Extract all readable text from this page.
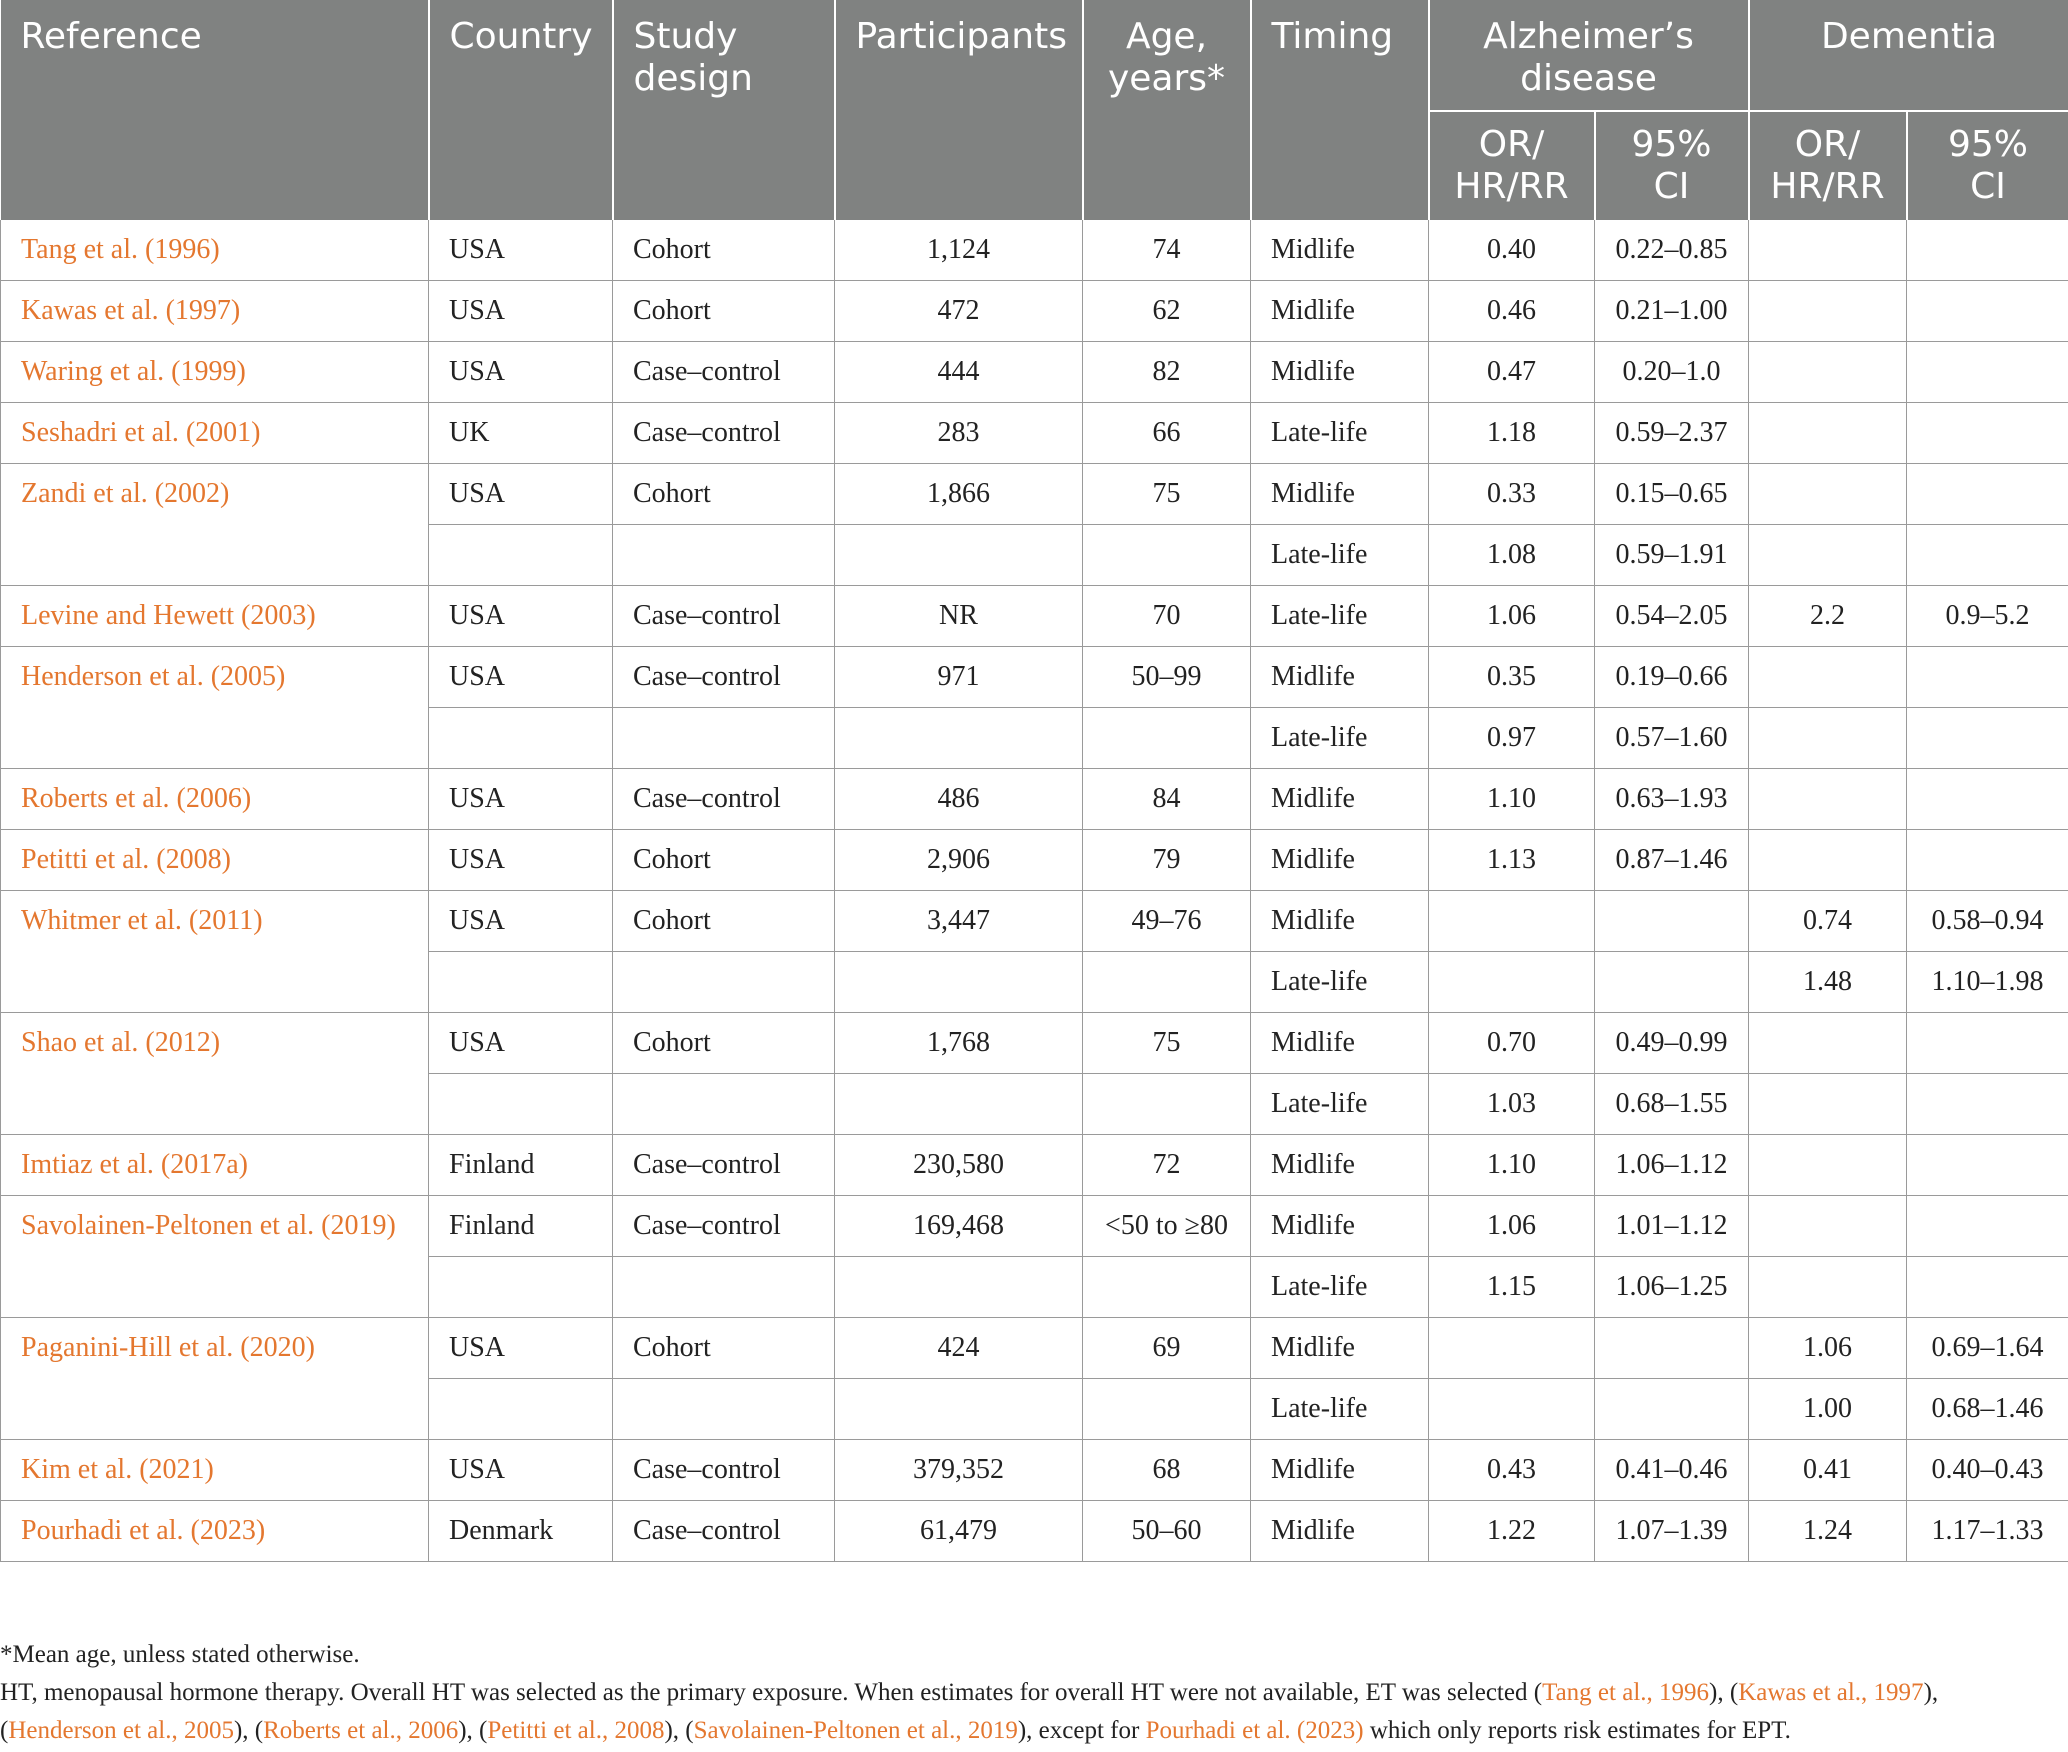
Reference	Country	Study design	Participants	Age, years*	Timing	Alzheimer’s disease		Dementia	
						OR/ HR/RR	95% CI	OR/ HR/RR	95% CI
Tang et al. (1996)	USA	Cohort	1,124	74	Midlife	0.40	0.22–0.85		
Kawas et al. (1997)	USA	Cohort	472	62	Midlife	0.46	0.21–1.00		
Waring et al. (1999)	USA	Case–control	444	82	Midlife	0.47	0.20–1.0		
Seshadri et al. (2001)	UK	Case–control	283	66	Late-life	1.18	0.59–2.37		
Zandi et al. (2002)	USA	Cohort	1,866	75	Midlife	0.33	0.15–0.65		
					Late-life	1.08	0.59–1.91		
Levine and Hewett (2003)	USA	Case–control	NR	70	Late-life	1.06	0.54–2.05	2.2	0.9–5.2
Henderson et al. (2005)	USA	Case–control	971	50–99	Midlife	0.35	0.19–0.66		
					Late-life	0.97	0.57–1.60		
Roberts et al. (2006)	USA	Case–control	486	84	Midlife	1.10	0.63–1.93		
Petitti et al. (2008)	USA	Cohort	2,906	79	Midlife	1.13	0.87–1.46		
Whitmer et al. (2011)	USA	Cohort	3,447	49–76	Midlife			0.74	0.58–0.94
					Late-life			1.48	1.10–1.98
Shao et al. (2012)	USA	Cohort	1,768	75	Midlife	0.70	0.49–0.99		
					Late-life	1.03	0.68–1.55		
Imtiaz et al. (2017a)	Finland	Case–control	230,580	72	Midlife	1.10	1.06–1.12		
Savolainen-Peltonen et al. (2019)	Finland	Case–control	169,468	<50 to ≥80	Midlife	1.06	1.01–1.12		
					Late-life	1.15	1.06–1.25		
Paganini-Hill et al. (2020)	USA	Cohort	424	69	Midlife			1.06	0.69–1.64
					Late-life			1.00	0.68–1.46
Kim et al. (2021)	USA	Case–control	379,352	68	Midlife	0.43	0.41–0.46	0.41	0.40–0.43
Pourhadi et al. (2023)	Denmark	Case–control	61,479	50–60	Midlife	1.22	1.07–1.39	1.24	1.17–1.33

*Mean age, unless stated otherwise.

HT, menopausal hormone therapy. Overall HT was selected as the primary exposure. When estimates for overall HT were not available, ET was selected (Tang et al., 1996), (Kawas et al., 1997),

(Henderson et al., 2005), (Roberts et al., 2006), (Petitti et al., 2008), (Savolainen-Peltonen et al., 2019), except for Pourhadi et al. (2023) which only reports risk estimates for EPT.
